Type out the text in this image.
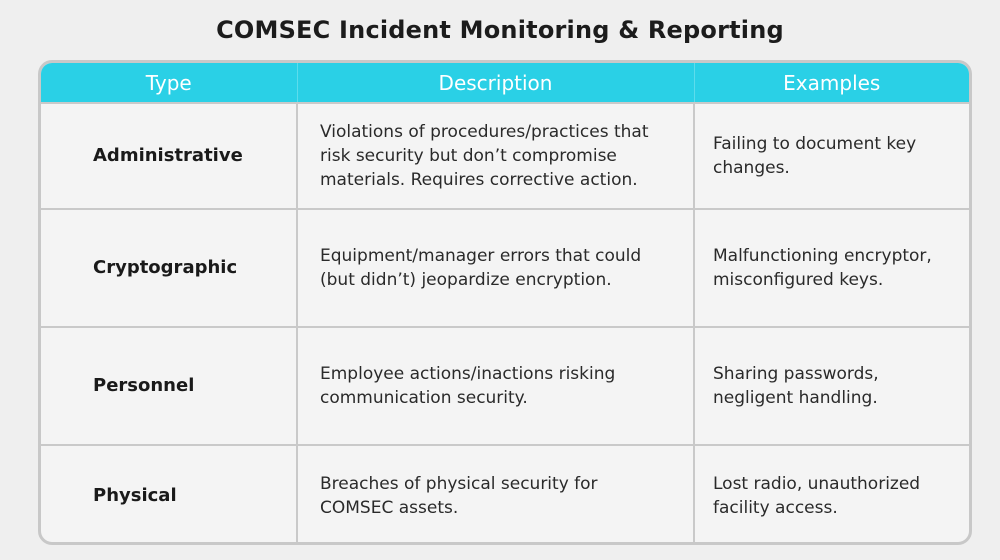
COMSEC Incident Monitoring & Reporting
Type	Description	Examples
Administrative	Violations of procedures/practices that risk security but don’t compromise materials. Requires corrective action.	Failing to document key changes.
Cryptographic	Equipment/manager errors that could (but didn’t) jeopardize encryption.	Malfunctioning encryptor, misconfigured keys.
Personnel	Employee actions/inactions risking communication security.	Sharing passwords, negligent handling.
Physical	Breaches of physical security for COMSEC assets.	Lost radio, unauthorized facility access.
